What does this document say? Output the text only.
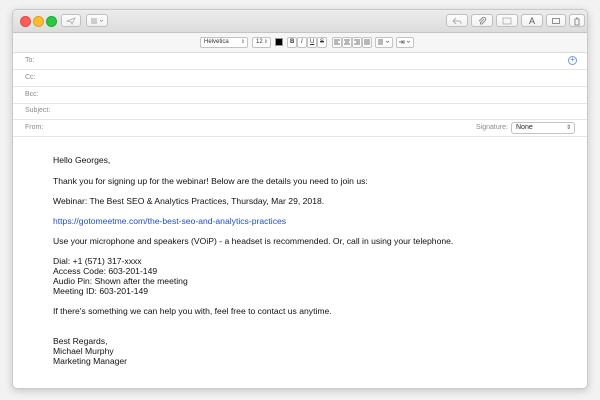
A
Helvetica ⇕	12 ⇕	B	I	U S
To:	+
Cc:
Bcc:
Subject:
From:	Signature:	None	⇕
Hello Georges,
Thank you for signing up for the webinar! Below are the details you need to join us:
Webinar: The Best SEO & Analytics Practices, Thursday, Mar 29, 2018.
https://gotomeetme.com/the-best-seo-and-analytics-practices
Use your microphone and speakers (VOiP) - a headset is recommended. Or, call in using your telephone.
Dial: +1 (571) 317-xxxx
Access Code: 603-201-149
Audio Pin: Shown after the meeting
Meeting ID: 603-201-149
If there's something we can help you with, feel free to contact us anytime.
Best Regards,
Michael Murphy
Marketing Manager
